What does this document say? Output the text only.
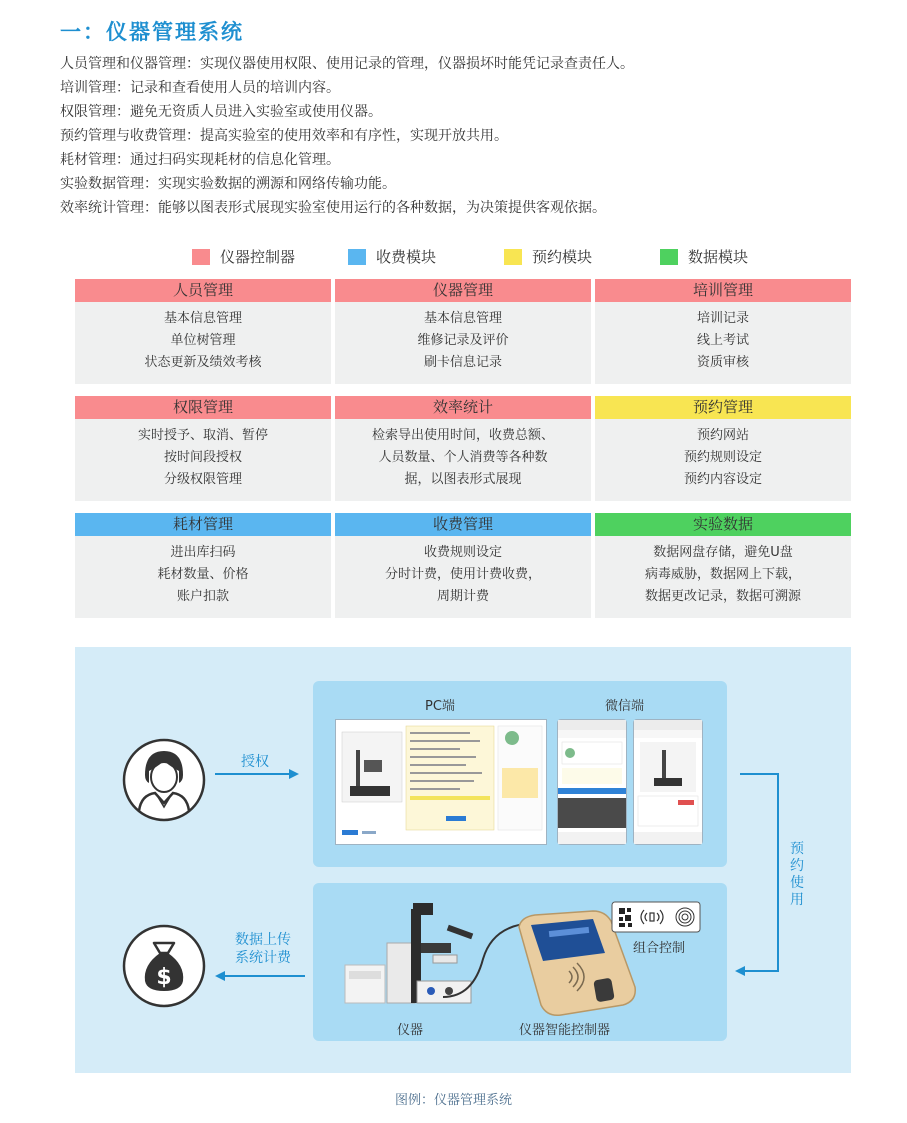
一：仪器管理系统
人员管理和仪器管理：实现仪器使用权限、使用记录的管理，仪器损坏时能凭记录查责任人。
培训管理：记录和查看使用人员的培训内容。
权限管理：避免无资质人员进入实验室或使用仪器。
预约管理与收费管理：提高实验室的使用效率和有序性，实现开放共用。
耗材管理：通过扫码实现耗材的信息化管理。
实验数据管理：实现实验数据的溯源和网络传输功能。
效率统计管理：能够以图表形式展现实验室使用运行的各种数据，为决策提供客观依据。
仪器控制器	收费模块	预约模块	数据模块
人员管理
基本信息管理
单位树管理
状态更新及绩效考核
仪器管理
基本信息管理
维修记录及评价
刷卡信息记录
培训管理
培训记录
线上考试
资质审核
权限管理
实时授予、取消、暂停
按时间段授权
分级权限管理
效率统计
检索导出使用时间，收费总额、
人员数量、个人消费等各种数
据，以图表形式展现
预约管理
预约网站
预约规则设定
预约内容设定
耗材管理
进出库扫码
耗材数量、价格
账户扣款
收费管理
收费规则设定
分时计费，使用计费收费，
周期计费
实验数据
数据网盘存储，避免U盘
病毒威胁，数据网上下载，
数据更改记录，数据可溯源
$
授权
数据上传
系统计费
预约使用
PC端	微信端
仪器	仪器智能控制器
组合控制
图例：仪器管理系统
